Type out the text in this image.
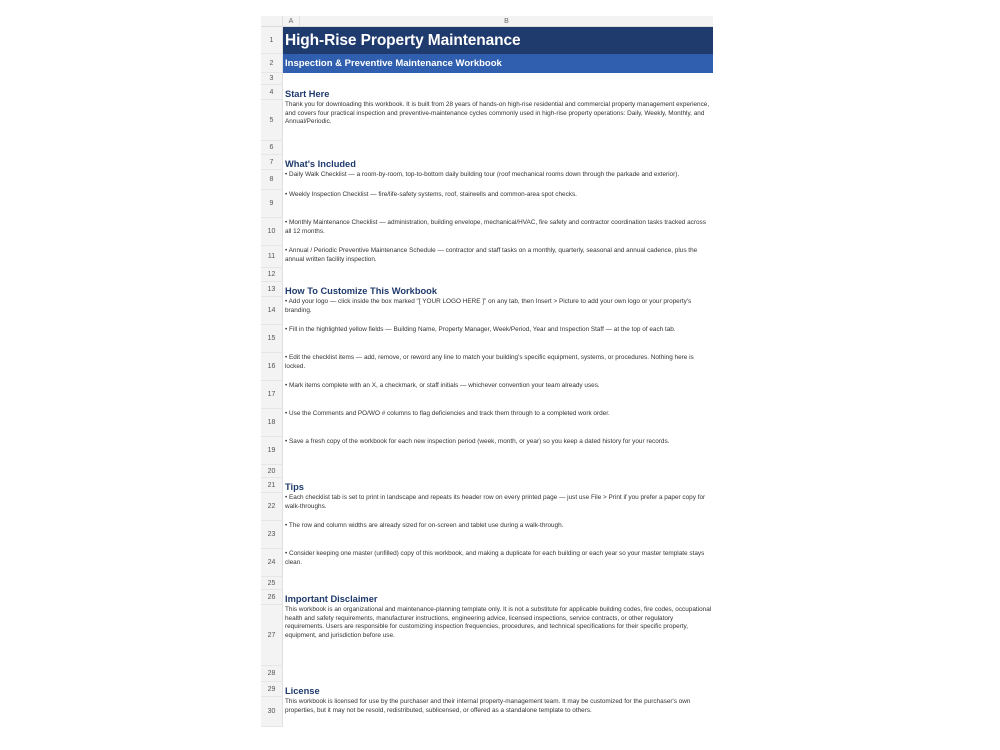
A	B
1 High-Rise Property Maintenance
2	Inspection & Preventive Maintenance Workbook
3
4	Start Here
5
Thank you for downloading this workbook. It is built from 28 years of hands-on high-rise residential and commercial property management experience, and covers four practical inspection and preventive-maintenance cycles commonly used in high-rise property operations: Daily, Weekly, Monthly, and Annual/Periodic.
6
7	What's Included
8
• Daily Walk Checklist — a room-by-room, top-to-bottom daily building tour (roof mechanical rooms down through the parkade and exterior).
9
• Weekly Inspection Checklist — fire/life-safety systems, roof, stairwells and common-area spot checks.
10
• Monthly Maintenance Checklist — administration, building envelope, mechanical/HVAC, fire safety and contractor coordination tasks tracked across all 12 months.
11
• Annual / Periodic Preventive Maintenance Schedule — contractor and staff tasks on a monthly, quarterly, seasonal and annual cadence, plus the annual written facility inspection.
12
13	How To Customize This Workbook
14
• Add your logo — click inside the box marked "[ YOUR LOGO HERE ]" on any tab, then Insert > Picture to add your own logo or your property's branding.
15
• Fill in the highlighted yellow fields — Building Name, Property Manager, Week/Period, Year and Inspection Staff — at the top of each tab.
16
• Edit the checklist items — add, remove, or reword any line to match your building's specific equipment, systems, or procedures. Nothing here is locked.
17
• Mark items complete with an X, a checkmark, or staff initials — whichever convention your team already uses.
18
• Use the Comments and PO/WO # columns to flag deficiencies and track them through to a completed work order.
19
• Save a fresh copy of the workbook for each new inspection period (week, month, or year) so you keep a dated history for your records.
20
21	Tips
22
• Each checklist tab is set to print in landscape and repeats its header row on every printed page — just use File > Print if you prefer a paper copy for walk-throughs.
23
• The row and column widths are already sized for on-screen and tablet use during a walk-through.
24
• Consider keeping one master (unfilled) copy of this workbook, and making a duplicate for each building or each year so your master template stays clean.
25
26	Important Disclaimer
27
This workbook is an organizational and maintenance-planning template only. It is not a substitute for applicable building codes, fire codes, occupational health and safety requirements, manufacturer instructions, engineering advice, licensed inspections, service contracts, or other regulatory requirements. Users are responsible for customizing inspection frequencies, procedures, and technical specifications for their specific property, equipment, and jurisdiction before use.
28
29	License
30
This workbook is licensed for use by the purchaser and their internal property-management team. It may be customized for the purchaser's own properties, but it may not be resold, redistributed, sublicensed, or offered as a standalone template to others.
